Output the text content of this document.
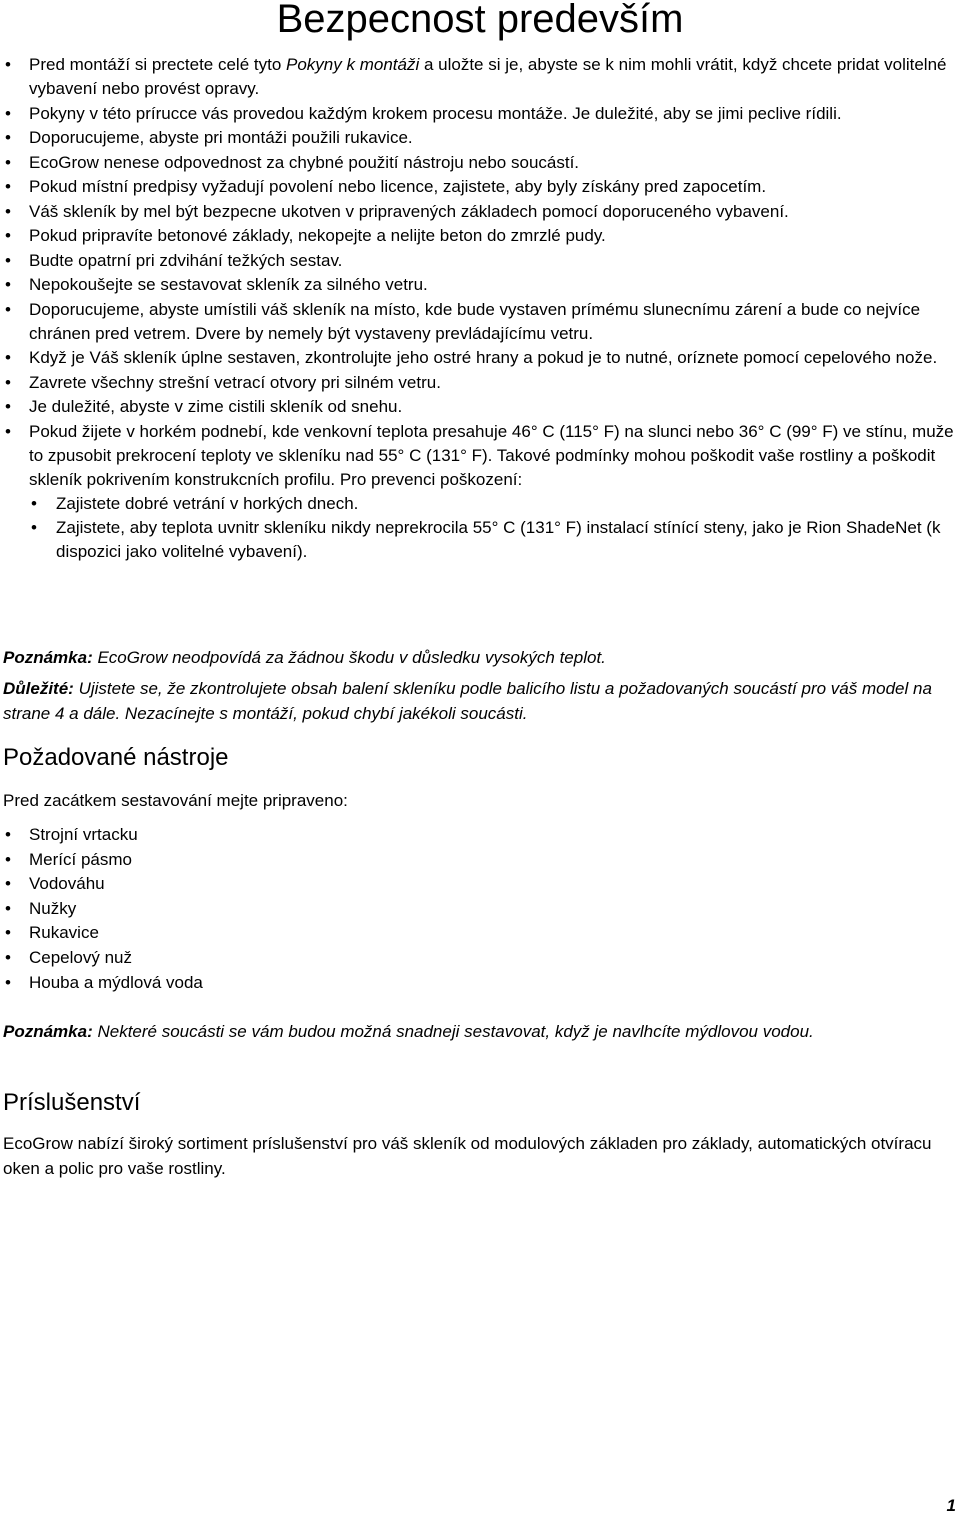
Bezpecnost predevším
• Pred montáží si prectete celé tyto Pokyny k montáži a uložte si je, abyste se k nim mohli vrátit, když chcete pridat volitelné vybavení nebo provést opravy.
• Pokyny v této prírucce vás provedou každým krokem procesu montáže. Je duležité, aby se jimi peclive rídili.
• Doporucujeme, abyste pri montáži použili rukavice.
• EcoGrow nenese odpovednost za chybné použití nástroju nebo soucástí.
• Pokud místní predpisy vyžadují povolení nebo licence, zajistete, aby byly získány pred zapocetím.
• Váš skleník by mel být bezpecne ukotven v pripravených základech pomocí doporuceného vybavení.
• Pokud pripravíte betonové základy, nekopejte a nelijte beton do zmrzlé pudy.
• Budte opatrní pri zdvihání težkých sestav.
• Nepokoušejte se sestavovat skleník za silného vetru.
• Doporucujeme, abyste umístili váš skleník na místo, kde bude vystaven prímému slunecnímu zárení a bude co nejvíce chránen pred vetrem. Dvere by nemely být vystaveny prevládajícímu vetru.
• Když je Váš skleník úplne sestaven, zkontrolujte jeho ostré hrany a pokud je to nutné, oríznete pomocí cepelového nože.
• Zavrete všechny strešní vetrací otvory pri silném vetru.
• Je duležité, abyste v zime cistili skleník od snehu.
• Pokud žijete v horkém podnebí, kde venkovní teplota presahuje 46° C (115° F) na slunci nebo 36° C (99° F) ve stínu, muže to zpusobit prekrocení teploty ve skleníku nad 55° C (131° F). Takové podmínky mohou poškodit vaše rostliny a poškodit skleník pokrivením konstrukcních profilu. Pro prevenci poškození:
• Zajistete dobré vetrání v horkých dnech.
• Zajistete, aby teplota uvnitr skleníku nikdy neprekrocila 55° C (131° F) instalací stínící steny, jako je Rion ShadeNet (k dispozici jako volitelné vybavení).
Poznámka: EcoGrow neodpovídá za žádnou škodu v důsledku vysokých teplot.
Důležité: Ujistete se, že zkontrolujete obsah balení skleníku podle balicího listu a požadovaných soucástí pro váš model na strane 4 a dále. Nezacínejte s montáží, pokud chybí jakékoli soucásti.
Požadované nástroje
Pred zacátkem sestavování mejte pripraveno:
• Strojní vrtacku
• Merící pásmo
• Vodováhu
• Nužky
• Rukavice
• Cepelový nuž
• Houba a mýdlová voda
Poznámka: Nekteré soucásti se vám budou možná snadneji sestavovat, když je navlhcíte mýdlovou vodou.
Príslušenství
EcoGrow nabízí široký sortiment príslušenství pro váš skleník od modulových základen pro základy, automatických otvíracu oken a polic pro vaše rostliny.
1
